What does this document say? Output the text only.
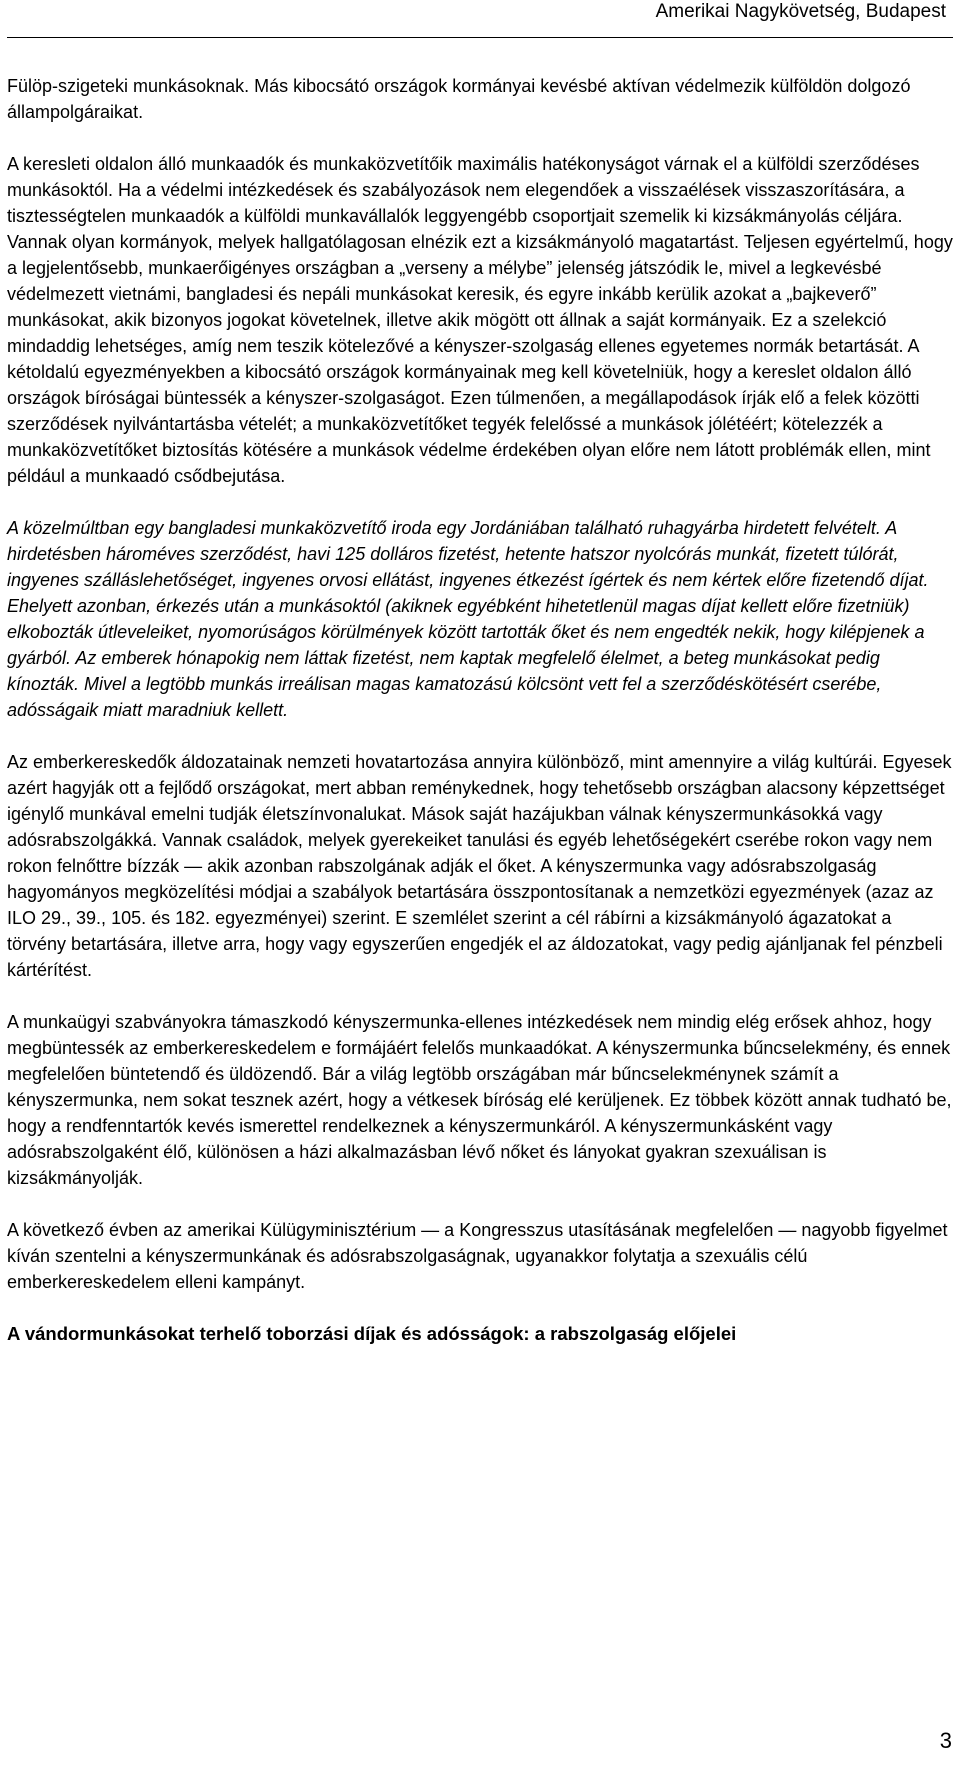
Amerikai Nagykövetség, Budapest

Fülöp-szigeteki munkásoknak. Más kibocsátó országok kormányai kevésbé aktívan védelmezik külföldön dolgozó állampolgáraikat.

A keresleti oldalon álló munkaadók és munkaközvetítőik maximális hatékonyságot várnak el a külföldi szerződéses munkásoktól. Ha a védelmi intézkedések és szabályozások nem elegendőek a visszaélések visszaszorítására, a tisztességtelen munkaadók a külföldi munkavállalók leggyengébb csoportjait szemelik ki kizsákmányolás céljára. Vannak olyan kormányok, melyek hallgatólagosan elnézik ezt a kizsákmányoló magatartást. Teljesen egyértelmű, hogy a legjelentősebb, munkaerőigényes országban a „verseny a mélybe” jelenség játszódik le, mivel a legkevésbé védelmezett vietnámi, bangladesi és nepáli munkásokat keresik, és egyre inkább kerülik azokat a „bajkeverő” munkásokat, akik bizonyos jogokat követelnek, illetve akik mögött ott állnak a saját kormányaik. Ez a szelekció mindaddig lehetséges, amíg nem teszik kötelezővé a kényszer-szolgaság ellenes egyetemes normák betartását. A kétoldalú egyezményekben a kibocsátó országok kormányainak meg kell követelniük, hogy a kereslet oldalon álló országok bíróságai büntessék a kényszer-szolgaságot. Ezen túlmenően, a megállapodások írják elő a felek közötti szerződések nyilvántartásba vételét; a munkaközvetítőket tegyék felelőssé a munkások jólétéért; kötelezzék a munkaközvetítőket biztosítás kötésére a munkások védelme érdekében olyan előre nem látott problémák ellen, mint például a munkaadó csődbejutása.

A közelmúltban egy bangladesi munkaközvetítő iroda egy Jordániában található ruhagyárba hirdetett felvételt. A hirdetésben hároméves szerződést, havi 125 dolláros fizetést, hetente hatszor nyolcórás munkát, fizetett túlórát, ingyenes szálláslehetőséget, ingyenes orvosi ellátást, ingyenes étkezést ígértek és nem kértek előre fizetendő díjat. Ehelyett azonban, érkezés után a munkásoktól (akiknek egyébként hihetetlenül magas díjat kellett előre fizetniük) elkobozták útleveleiket, nyomorúságos körülmények között tartották őket és nem engedték nekik, hogy kilépjenek a gyárból. Az emberek hónapokig nem láttak fizetést, nem kaptak megfelelő élelmet, a beteg munkásokat pedig kínozták. Mivel a legtöbb munkás irreálisan magas kamatozású kölcsönt vett fel a szerződéskötésért cserébe, adósságaik miatt maradniuk kellett.

Az emberkereskedők áldozatainak nemzeti hovatartozása annyira különböző, mint amennyire a világ kultúrái. Egyesek azért hagyják ott a fejlődő országokat, mert abban reménykednek, hogy tehetősebb országban alacsony képzettséget igénylő munkával emelni tudják életszínvonalukat. Mások saját hazájukban válnak kényszermunkásokká vagy adósrabszolgákká. Vannak családok, melyek gyerekeiket tanulási és egyéb lehetőségekért cserébe rokon vagy nem rokon felnőttre bízzák — akik azonban rabszolgának adják el őket. A kényszermunka vagy adósrabszolgaság hagyományos megközelítési módjai a szabályok betartására összpontosítanak a nemzetközi egyezmények (azaz az ILO 29., 39., 105. és 182. egyezményei) szerint. E szemlélet szerint a cél rábírni a kizsákmányoló ágazatokat a törvény betartására, illetve arra, hogy vagy egyszerűen engedjék el az áldozatokat, vagy pedig ajánljanak fel pénzbeli kártérítést.

A munkaügyi szabványokra támaszkodó kényszermunka-ellenes intézkedések nem mindig elég erősek ahhoz, hogy megbüntessék az emberkereskedelem e formájáért felelős munkaadókat. A kényszermunka bűncselekmény, és ennek megfelelően büntetendő és üldözendő. Bár a világ legtöbb országában már bűncselekménynek számít a kényszermunka, nem sokat tesznek azért, hogy a vétkesek bíróság elé kerüljenek. Ez többek között annak tudható be, hogy a rendfenntartók kevés ismerettel rendelkeznek a kényszermunkáról. A kényszermunkásként vagy adósrabszolgaként élő, különösen a házi alkalmazásban lévő nőket és lányokat gyakran szexuálisan is kizsákmányolják.

A következő évben az amerikai Külügyminisztérium — a Kongresszus utasításának megfelelően — nagyobb figyelmet kíván szentelni a kényszermunkának és adósrabszolgaságnak, ugyanakkor folytatja a szexuális célú emberkereskedelem elleni kampányt.

A vándormunkásokat terhelő toborzási díjak és adósságok: a rabszolgaság előjelei

3
